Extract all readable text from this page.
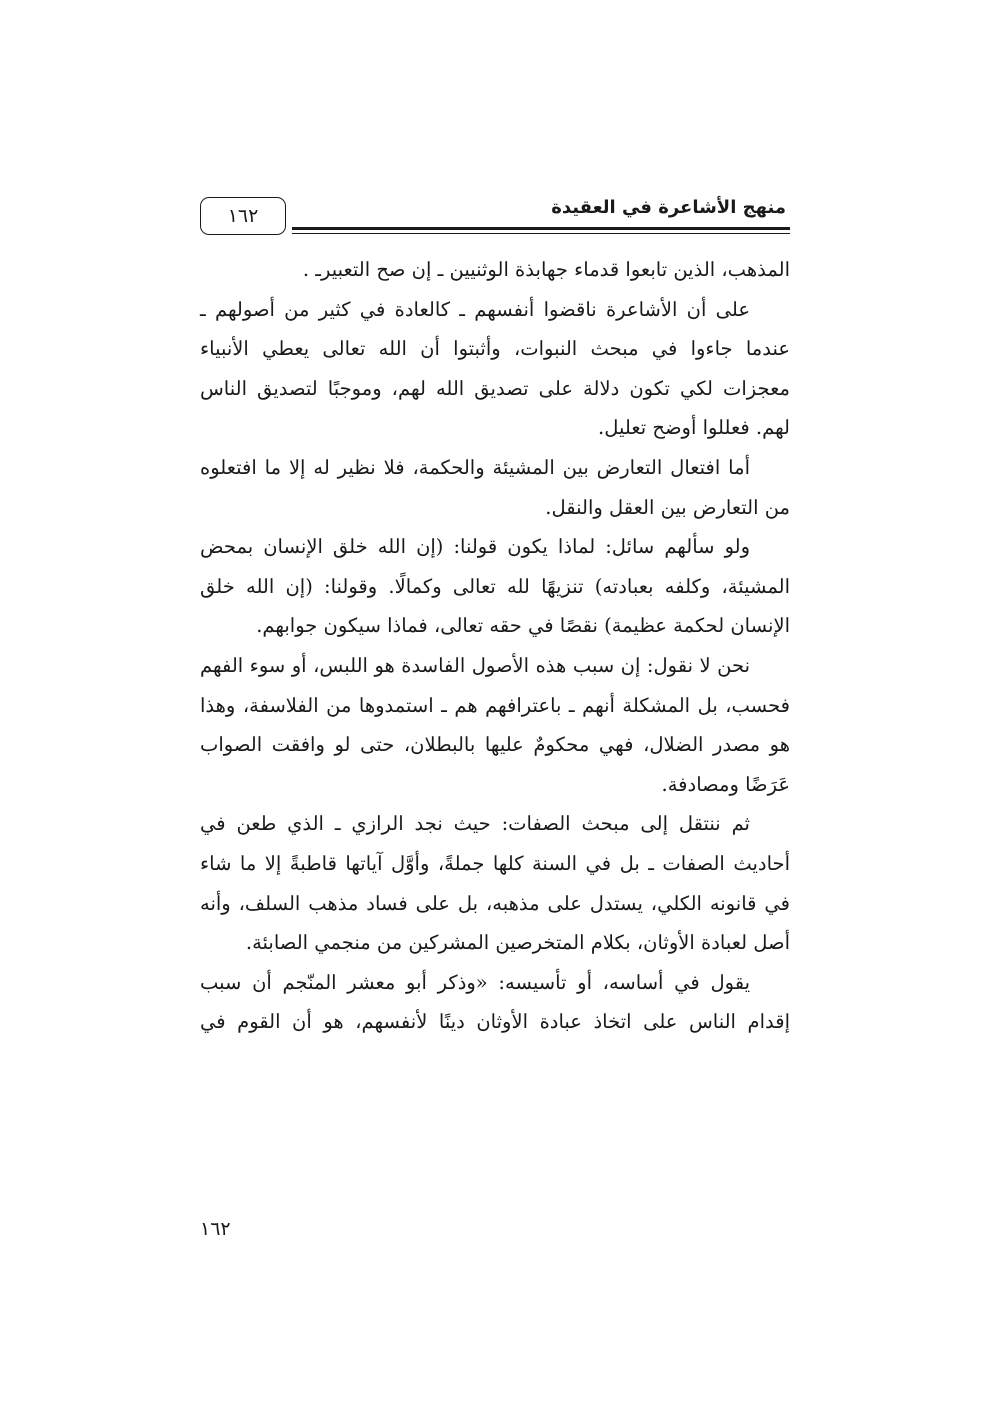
١٦٢	منهج الأشاعرة في العقيدة

المذهب، الذين تابعوا قدماء جهابذة الوثنيين ـ إن صح التعبيرـ .

على أن الأشاعرة ناقضوا أنفسهم ـ كالعادة في كثير من أصولهم ـ عندما جاءوا في مبحث النبوات، وأثبتوا أن الله تعالى يعطي الأنبياء معجزات لكي تكون دلالة على تصديق الله لهم، وموجبًا لتصديق الناس لهم. فعللوا أوضح تعليل.

أما افتعال التعارض بين المشيئة والحكمة، فلا نظير له إلا ما افتعلوه من التعارض بين العقل والنقل.

ولو سألهم سائل: لماذا يكون قولنا: (إن الله خلق الإنسان بمحض المشيئة، وكلفه بعبادته) تنزيهًا لله تعالى وكمالًا. وقولنا: (إن الله خلق الإنسان لحكمة عظيمة) نقصًا في حقه تعالى، فماذا سيكون جوابهم.

نحن لا نقول: إن سبب هذه الأصول الفاسدة هو اللبس، أو سوء الفهم فحسب، بل المشكلة أنهم ـ باعترافهم هم ـ استمدوها من الفلاسفة، وهذا هو مصدر الضلال، فهي محكومٌ عليها بالبطلان، حتى لو وافقت الصواب عَرَضًا ومصادفة.

ثم ننتقل إلى مبحث الصفات: حيث نجد الرازي ـ الذي طعن في أحاديث الصفات ـ بل في السنة كلها جملةً، وأوَّل آياتها قاطبةً إلا ما شاء في قانونه الكلي، يستدل على مذهبه، بل على فساد مذهب السلف، وأنه أصل لعبادة الأوثان، بكلام المتخرصين المشركين من منجمي الصابئة.

يقول في أساسه، أو تأسيسه: «وذكر أبو معشر المنّجم أن سبب إقدام الناس على اتخاذ عبادة الأوثان دينًا لأنفسهم، هو أن القوم في

١٦٢
